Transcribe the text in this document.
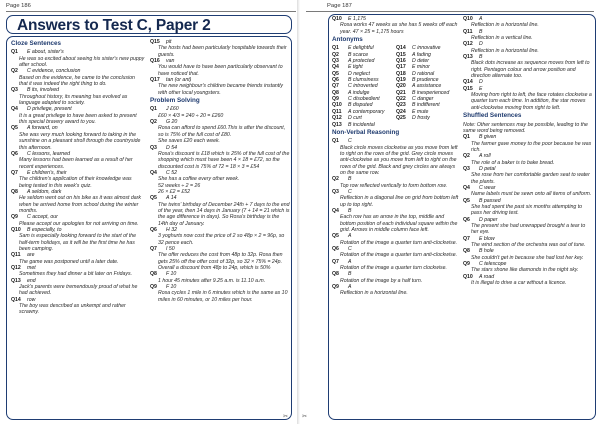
Page 186
Answers to Test C, Paper 2
Cloze Sentences
Q1 E about, sister's
He was so excited about seeing his sister's new puppy after school.
Q2 C evidence, conclusion
Based on the evidence, he came to the conclusion that it was indeed the right thing to do.
Q3 B its, involved
Throughout history, its meaning has evolved as language adapted to society.
Q4 D privilege, present
It is a great privilege to have been asked to present this special bravery award to you.
Q5 A forward, on
She was very much looking forward to taking in the sunshine on a pleasant stroll through the countryside this afternoon.
Q6 C lessons, learned
Many lessons had been learned as a result of her recent experiences.
Q7 E children's, their
The children's application of their knowledge was being tested in this week's quiz.
Q8 A seldom, dark
He seldom went out on his bike as it was almost dark when he arrived home from school during the winter months.
Q9 C accept, our
Please accept our apologies for not arriving on time.
Q10 B especially, to
Sam is especially looking forward to the start of the half-term holidays, as it will be the first time he has been camping.
Q11 are
The game was postponed until a later date.
Q12 met
Sometimes they had dinner a bit later on Fridays.
Q13 end
Jack's parents were tremendously proud of what he had achieved.
Q14 row
The boy was described as unkempt and rather scrawny.
Q15 pit
The hosts had been particularly hospitable towards their guests.
Q16 van
You would have to have been particularly observant to have noticed that.
Q17 tan (or ant)
The new neighbour's children became friends instantly with other local youngsters.
Problem Solving
Q1 J £60
£60 × 4/3 = 240 ÷ 20 = £260
Q2 G 20
Rosa can afford to spend £60.This is after the discount, so is 75% of the full cost of £80.
She saves £20 each week.
Q3 D 54
Rosa's discount is £18 which is 25% of the full cost of the shopping which must have been 4 × 18 = £72, so the discounted cost is 75% of 72 = 18 × 3 = £54
Q4 C 52
She has a coffee every other week.
52 weeks ÷ 2 = 26
26 × £2 = £52
Q5 A 14
The twins' birthday of December 24th + 7 days to the end of the year, then 14 days in January (7 + 14 = 21 which is the age difference in days). So Rosa's birthday is the 14th day of January.
Q6 H 32
3 yoghurts now cost the price of 2 so 48p × 2 = 96p, so 32 pence each.
Q7 I 50
The offer reduces the cost from 48p to 32p. Rosa then gets 25% off the offer cost of 32p, so 32 × 75% = 24p. Overall a discount from 48p to 24p, which is 50%
Q8 F 10
1 hour 45 minutes after 9.25 a.m. is 11.10 a.m.
Q9 F 10
Rosa cycles 1 mile in 6 minutes which is the same as 10 miles in 60 minutes, or 10 miles per hour.
✂
Page 187
Q10 E 1,175
Rosa works 47 weeks as she has 5 weeks off each year. 47 × 25 = 1,175 hours
Antonyms
Q1 E delightful
Q2 B scarce
Q3 A protected
Q4 E tight
Q5 D neglect
Q6 B clumsiness
Q7 C introverted
Q8 A indulge
Q9 C disobedient
Q10 B disputed
Q11 A contemporary
Q12 D curt
Q13 B incidental
Q14 C innovative
Q15 A fading
Q16 D deter
Q17 E minor
Q18 D rational
Q19 B prudence
Q20 A assistance
Q21 B inexperienced
Q22 C danger
Q23 B indifferent
Q24 E mute
Q25 D frosty
Non-Verbal Reasoning
Q1 C
Black circle moves clockwise as you move from left to right on the rows of the grid. Grey circle moves anti-clockwise as you move from left to right on the rows of the grid. Black and grey circles are always on the same row.
Q2 B
Top row reflected vertically to form bottom row.
Q3 C
Reflection in a diagonal line on grid from bottom left up to top right.
Q4 B
Each row has an arrow in the top, middle and bottom position of each individual square within the grid. Arrows in middle column face left.
Q5 A
Rotation of the image a quarter turn anti-clockwise.
Q6 C
Rotation of the image a quarter turn anti-clockwise.
Q7 A
Rotation of the image a quarter turn clockwise.
Q8 B
Rotation of the image by a half turn.
Q9 A
Reflection in a horizontal line.
Q10 A
Reflection in a horizontal line.
Q11 B
Reflection in a vertical line.
Q12 D
Reflection in a horizontal line.
Q13 B
Black dots increase as sequence moves from left to right. Pentagon colour and arrow position and direction alternate too.
Q14 D
Q15 E
Moving from right to left, the face rotates clockwise a quarter turn each time. In addition, the star moves anti-clockwise moving from right to left.
Shuffled Sentences
Note: Other sentences may be possible, leading to the same word being removed.
Q1 B given
The farmer gave money to the poor because he was rich.
Q2 A roll
The role of a baker is to bake bread.
Q3 D petal
She rose from her comfortable garden seat to water the plants.
Q4 C wear
Name labels must be sewn onto all items of uniform.
Q5 B passed
She had spent the past six months attempting to pass her driving test.
Q6 D paper
The present she had unwrapped brought a tear to her eye.
Q7 E blow
The wind section of the orchestra was out of tune.
Q8 B hole
She couldn't get in because she had lost her key.
Q9 C telescope
The stars shone like diamonds in the night sky.
Q10 A road
It is illegal to drive a car without a licence.
✂
